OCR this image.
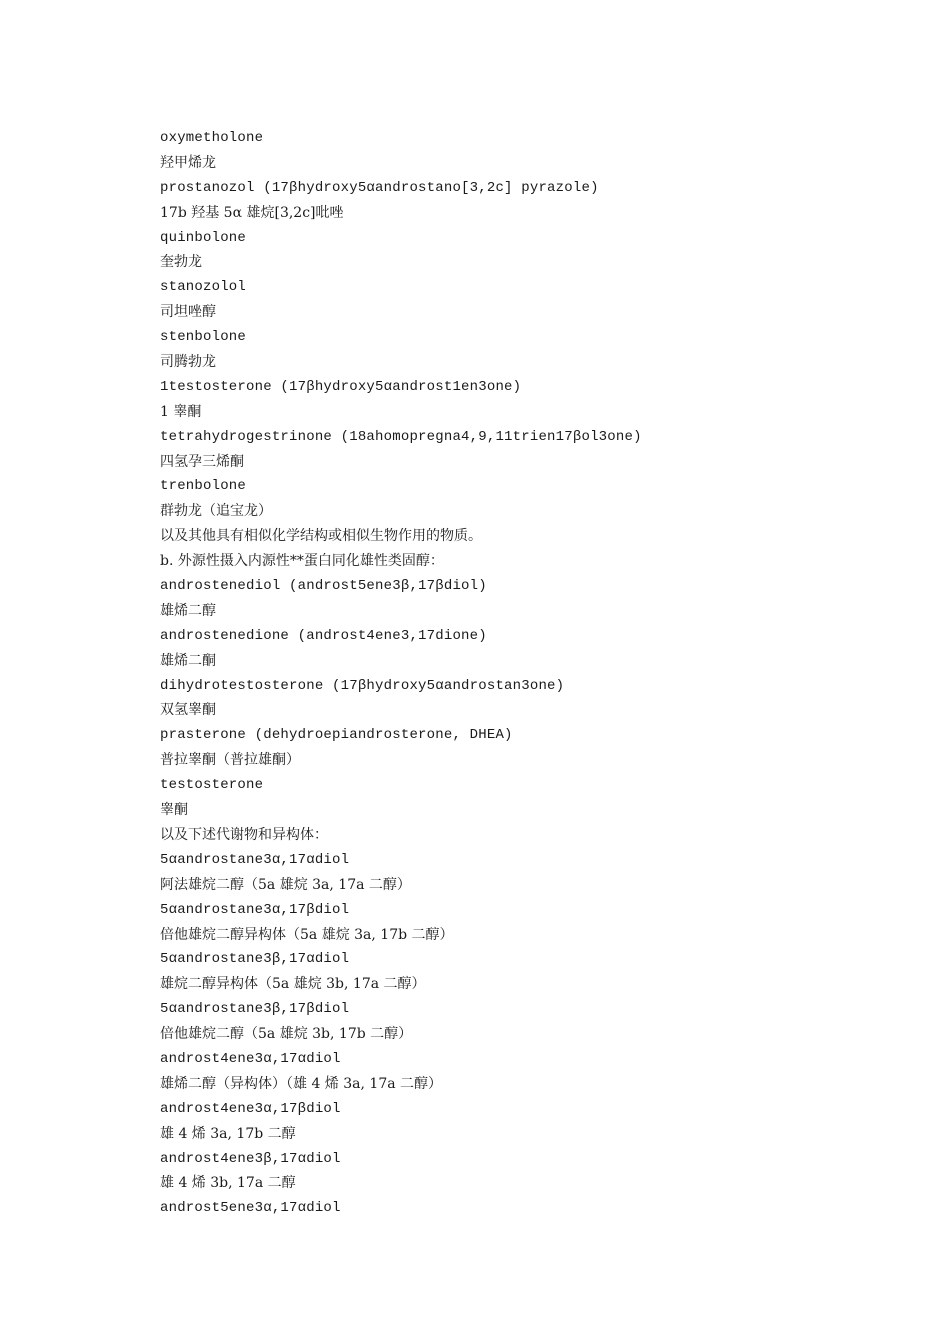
oxymetholone
羟甲烯龙
prostanozol (17βhydroxy5αandrostano[3,2c] pyrazole)
17b 羟基 5α 雄烷[3,2c]吡唑
quinbolone
奎勃龙
stanozolol
司坦唑醇
stenbolone
司腾勃龙
1testosterone (17βhydroxy5αandrost1en3one)
1 睾酮
tetrahydrogestrinone (18ahomopregna4,9,11trien17βol3one)
四氢孕三烯酮
trenbolone
群勃龙（追宝龙）
以及其他具有相似化学结构或相似生物作用的物质。
b. 外源性摄入内源性**蛋白同化雄性类固醇：
androstenediol (androst5ene3β,17βdiol)
雄烯二醇
androstenedione (androst4ene3,17dione)
雄烯二酮
dihydrotestosterone (17βhydroxy5αandrostan3one)
双氢睾酮
prasterone (dehydroepiandrosterone, DHEA)
普拉睾酮（普拉雄酮）
testosterone
睾酮
以及下述代谢物和异构体：
5αandrostane3α,17αdiol
阿法雄烷二醇（5a 雄烷 3a, 17a 二醇）
5αandrostane3α,17βdiol
倍他雄烷二醇异构体（5a 雄烷 3a, 17b 二醇）
5αandrostane3β,17αdiol
雄烷二醇异构体（5a 雄烷 3b, 17a 二醇）
5αandrostane3β,17βdiol
倍他雄烷二醇（5a 雄烷 3b, 17b 二醇）
androst4ene3α,17αdiol
雄烯二醇（异构体）（雄 4 烯 3a, 17a 二醇）
androst4ene3α,17βdiol
雄 4 烯 3a, 17b 二醇
androst4ene3β,17αdiol
雄 4 烯 3b, 17a 二醇
androst5ene3α,17αdiol
